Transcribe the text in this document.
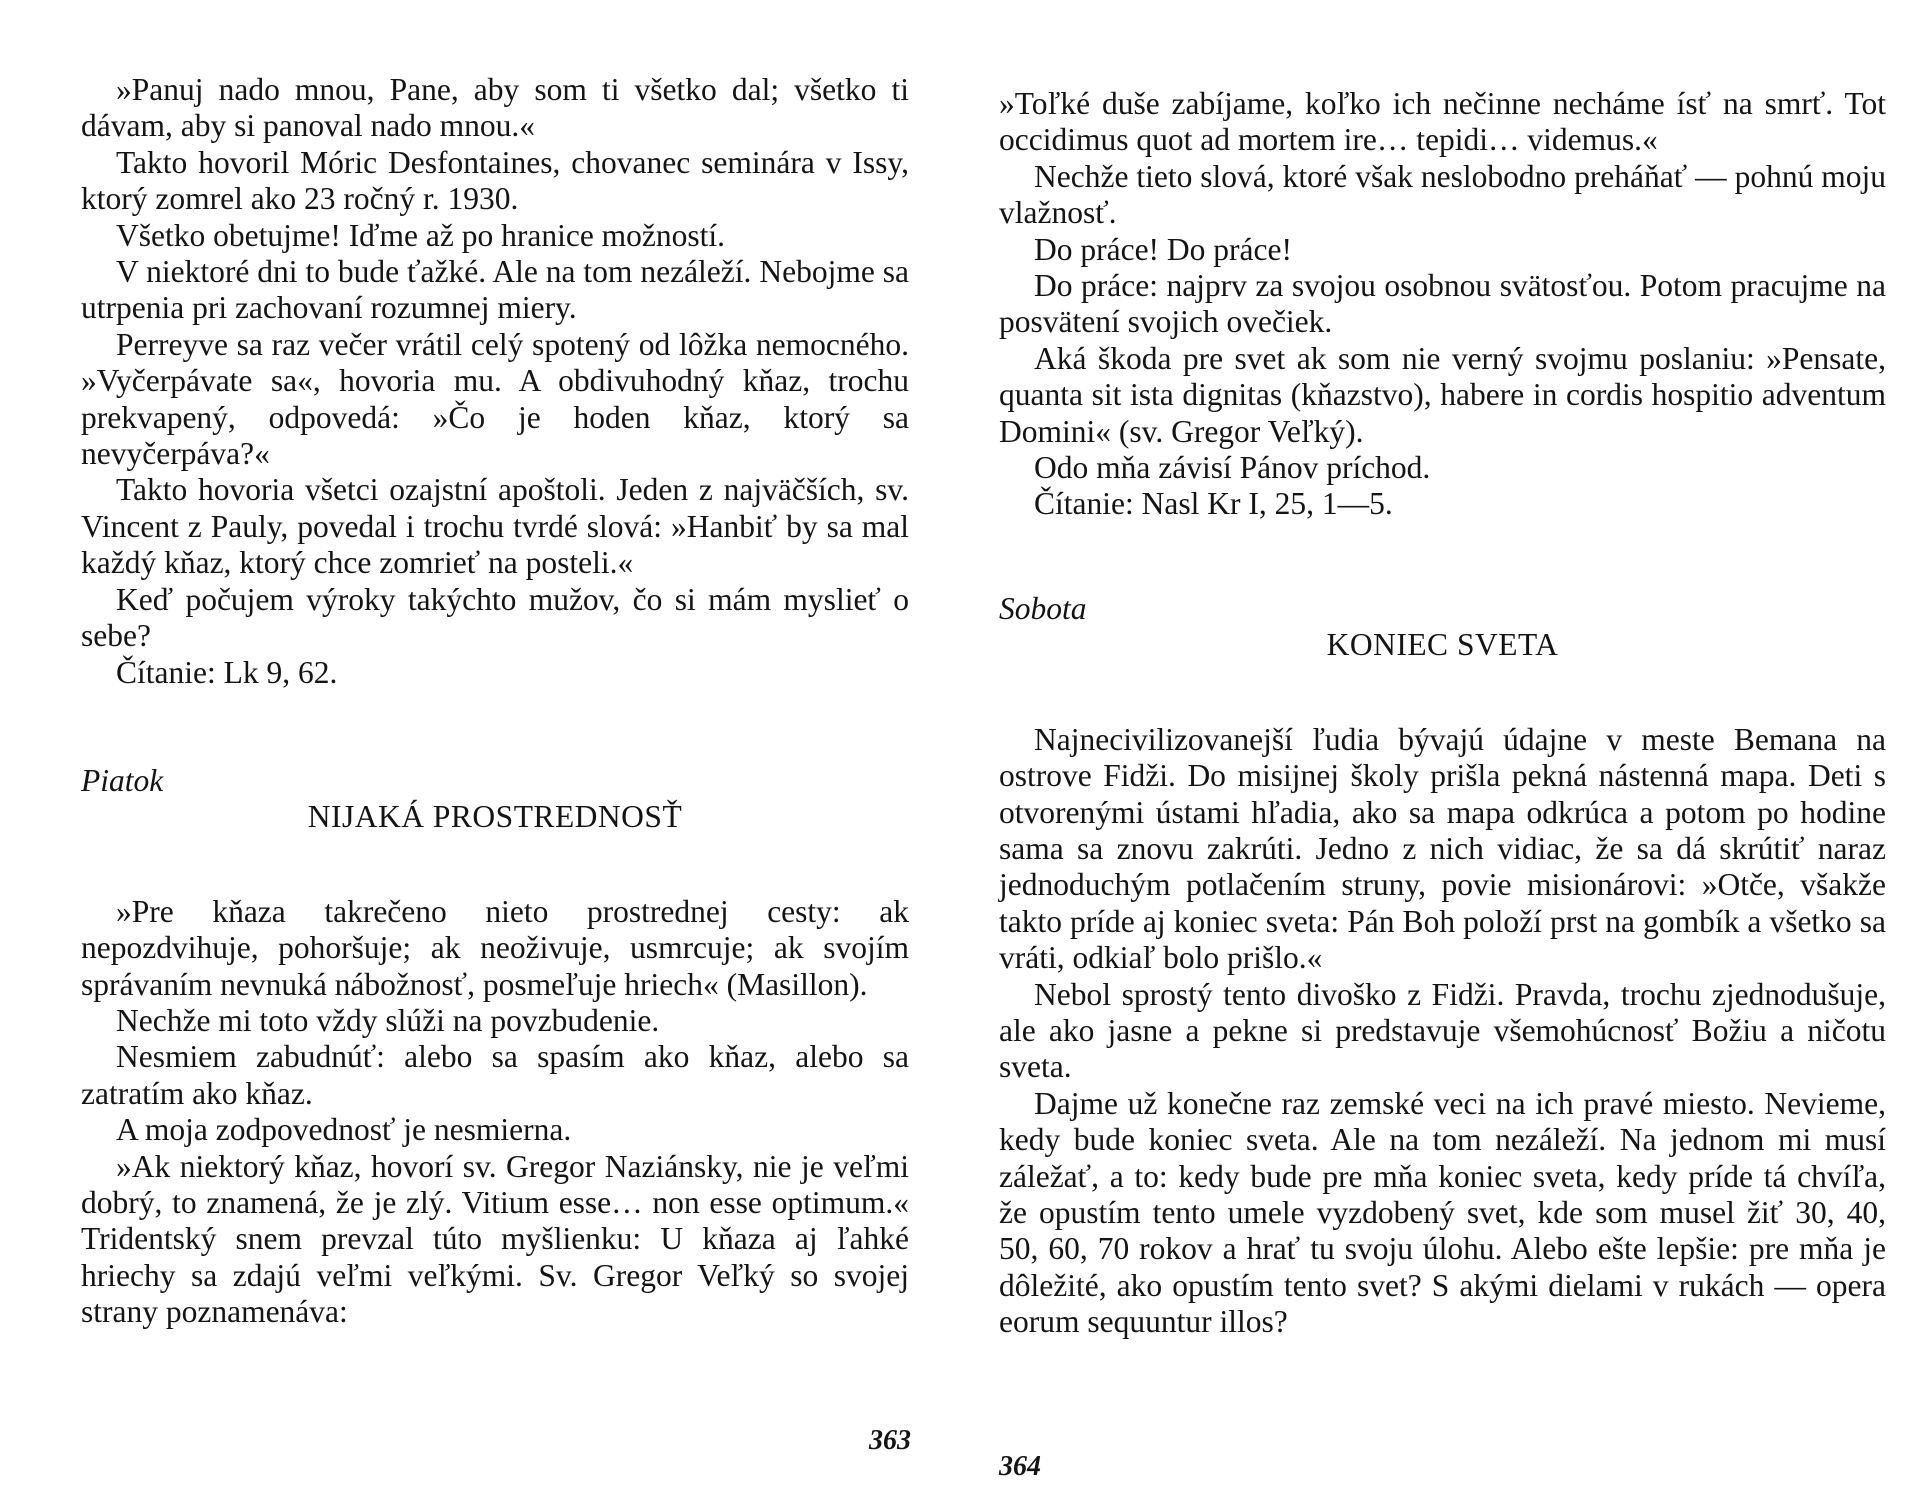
»Panuj nado mnou, Pane, aby som ti všetko dal; všetko ti dávam, aby si panoval nado mnou.«

Takto hovoril Móric Desfontaines, chovanec seminára v Issy, ktorý zomrel ako 23 ročný r. 1930.

Všetko obetujme! Iďme až po hranice možností.

V niektoré dni to bude ťažké. Ale na tom nezáleží. Nebojme sa utrpenia pri zachovaní rozumnej miery.

Perreyve sa raz večer vrátil celý spotený od lôžka nemocného. »Vyčerpávate sa«, hovoria mu. A obdivuhodný kňaz, trochu prekvapený, odpovedá: »Čo je hoden kňaz, ktorý sa nevyčerpáva?«

Takto hovoria všetci ozajstní apoštoli. Jeden z najväčších, sv. Vincent z Pauly, povedal i trochu tvrdé slová: »Hanbiť by sa mal každý kňaz, ktorý chce zomrieť na posteli.«

Keď počujem výroky takýchto mužov, čo si mám myslieť o sebe?

Čítanie: Lk 9, 62.

Piatok

NIJAKÁ PROSTREDNOSŤ

»Pre kňaza takrečeno nieto prostrednej cesty: ak nepozdvihuje, pohoršuje; ak neoživuje, usmrcuje; ak svojím správaním nevnuká nábožnosť, posmeľuje hriech« (Masillon).

Nechže mi toto vždy slúži na povzbudenie.

Nesmiem zabudnúť: alebo sa spasím ako kňaz, alebo sa zatratím ako kňaz.

A moja zodpovednosť je nesmierna.

»Ak niektorý kňaz, hovorí sv. Gregor Naziánsky, nie je veľmi dobrý, to znamená, že je zlý. Vitium esse… non esse optimum.« Tridentský snem prevzal túto myšlienku: U kňaza aj ľahké hriechy sa zdajú veľmi veľkými. Sv. Gregor Veľký so svojej strany poznamenáva:

363

»Toľké duše zabíjame, koľko ich nečinne necháme ísť na smrť. Tot occidimus quot ad mortem ire… tepidi… videmus.«

Nechže tieto slová, ktoré však neslobodno preháňať — pohnú moju vlažnosť.

Do práce! Do práce!

Do práce: najprv za svojou osobnou svätosťou. Potom pracujme na posvätení svojich ovečiek.

Aká škoda pre svet ak som nie verný svojmu poslaniu: »Pensate, quanta sit ista dignitas (kňazstvo), habere in cordis hospitio adventum Domini« (sv. Gregor Veľký).

Odo mňa závisí Pánov príchod.

Čítanie: Nasl Kr I, 25, 1—5.

Sobota

KONIEC SVETA

Najnecivilizovanejší ľudia bývajú údajne v meste Bemana na ostrove Fidži. Do misijnej školy prišla pekná nástenná mapa. Deti s otvorenými ústami hľadia, ako sa mapa odkrúca a potom po hodine sama sa znovu zakrúti. Jedno z nich vidiac, že sa dá skrútiť naraz jednoduchým potlačením struny, povie misionárovi: »Otče, všakže takto príde aj koniec sveta: Pán Boh položí prst na gombík a všetko sa vráti, odkiaľ bolo prišlo.«

Nebol sprostý tento divoško z Fidži. Pravda, trochu zjednodušuje, ale ako jasne a pekne si predstavuje všemohúcnosť Božiu a ničotu sveta.

Dajme už konečne raz zemské veci na ich pravé miesto. Nevieme, kedy bude koniec sveta. Ale na tom nezáleží. Na jednom mi musí záležať, a to: kedy bude pre mňa koniec sveta, kedy príde tá chvíľa, že opustím tento umele vyzdobený svet, kde som musel žiť 30, 40, 50, 60, 70 rokov a hrať tu svoju úlohu. Alebo ešte lepšie: pre mňa je dôležité, ako opustím tento svet? S akými dielami v rukách — opera eorum sequuntur illos?

364
